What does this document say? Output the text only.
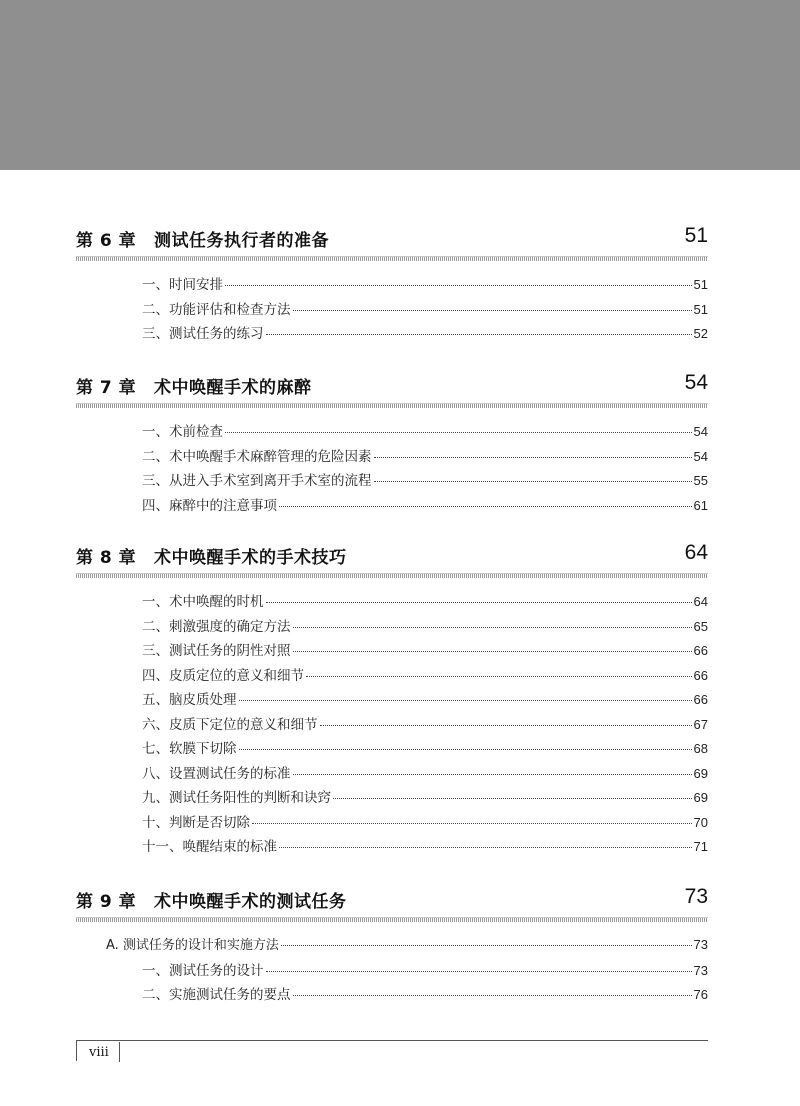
第 6 章 测试任务执行者的准备	51
一、时间安排	51
二、功能评估和检查方法	51
三、测试任务的练习	52
第 7 章 术中唤醒手术的麻醉	54
一、术前检查	54
二、术中唤醒手术麻醉管理的危险因素	54
三、从进入手术室到离开手术室的流程	55
四、麻醉中的注意事项	61
第 8 章 术中唤醒手术的手术技巧	64
一、术中唤醒的时机	64
二、刺激强度的确定方法	65
三、测试任务的阴性对照	66
四、皮质定位的意义和细节	66
五、脑皮质处理	66
六、皮质下定位的意义和细节	67
七、软膜下切除	68
八、设置测试任务的标准	69
九、测试任务阳性的判断和诀窍	69
十、判断是否切除	70
十一、唤醒结束的标准	71
第 9 章 术中唤醒手术的测试任务	73
A. 测试任务的设计和实施方法	73
一、测试任务的设计	73
二、实施测试任务的要点	76
viii
